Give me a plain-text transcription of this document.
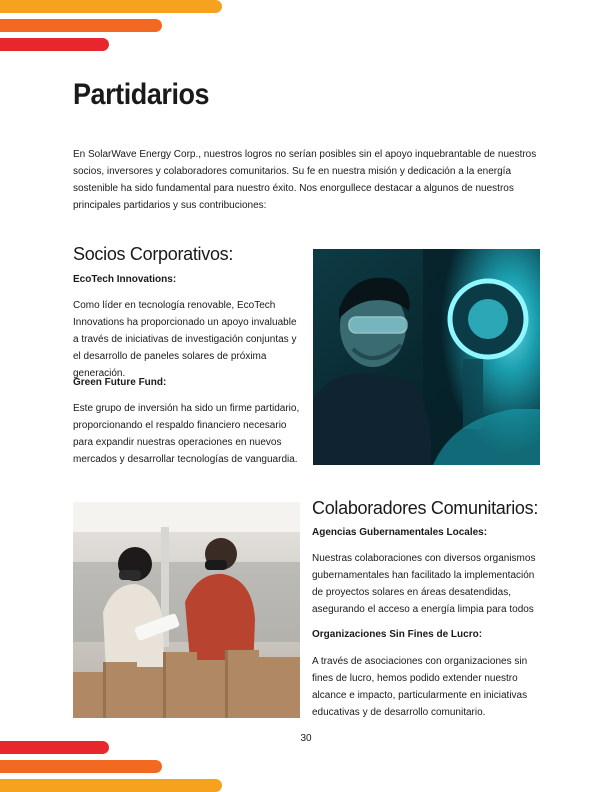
Partidarios

En SolarWave Energy Corp., nuestros logros no serían posibles sin el apoyo inquebrantable de nuestros socios, inversores y colaboradores comunitarios. Su fe en nuestra misión y dedicación a la energía sostenible ha sido fundamental para nuestro éxito. Nos enorgullece destacar a algunos de nuestros principales partidarios y sus contribuciones:

Socios Corporativos:

EcoTech Innovations:

Como líder en tecnología renovable, EcoTech Innovations ha proporcionado un apoyo invaluable a través de iniciativas de investigación conjuntas y el desarrollo de paneles solares de próxima generación.

Green Future Fund:

Este grupo de inversión ha sido un firme partidario, proporcionando el respaldo financiero necesario para expandir nuestras operaciones en nuevos mercados y desarrollar tecnologías de vanguardia.

Colaboradores Comunitarios:

Agencias Gubernamentales Locales:

Nuestras colaboraciones con diversos organismos gubernamentales han facilitado la implementación de proyectos solares en áreas desatendidas, asegurando el acceso a energía limpia para todos

Organizaciones Sin Fines de Lucro:

A través de asociaciones con organizaciones sin fines de lucro, hemos podido extender nuestro alcance e impacto, particularmente en iniciativas educativas y de desarrollo comunitario.

30
